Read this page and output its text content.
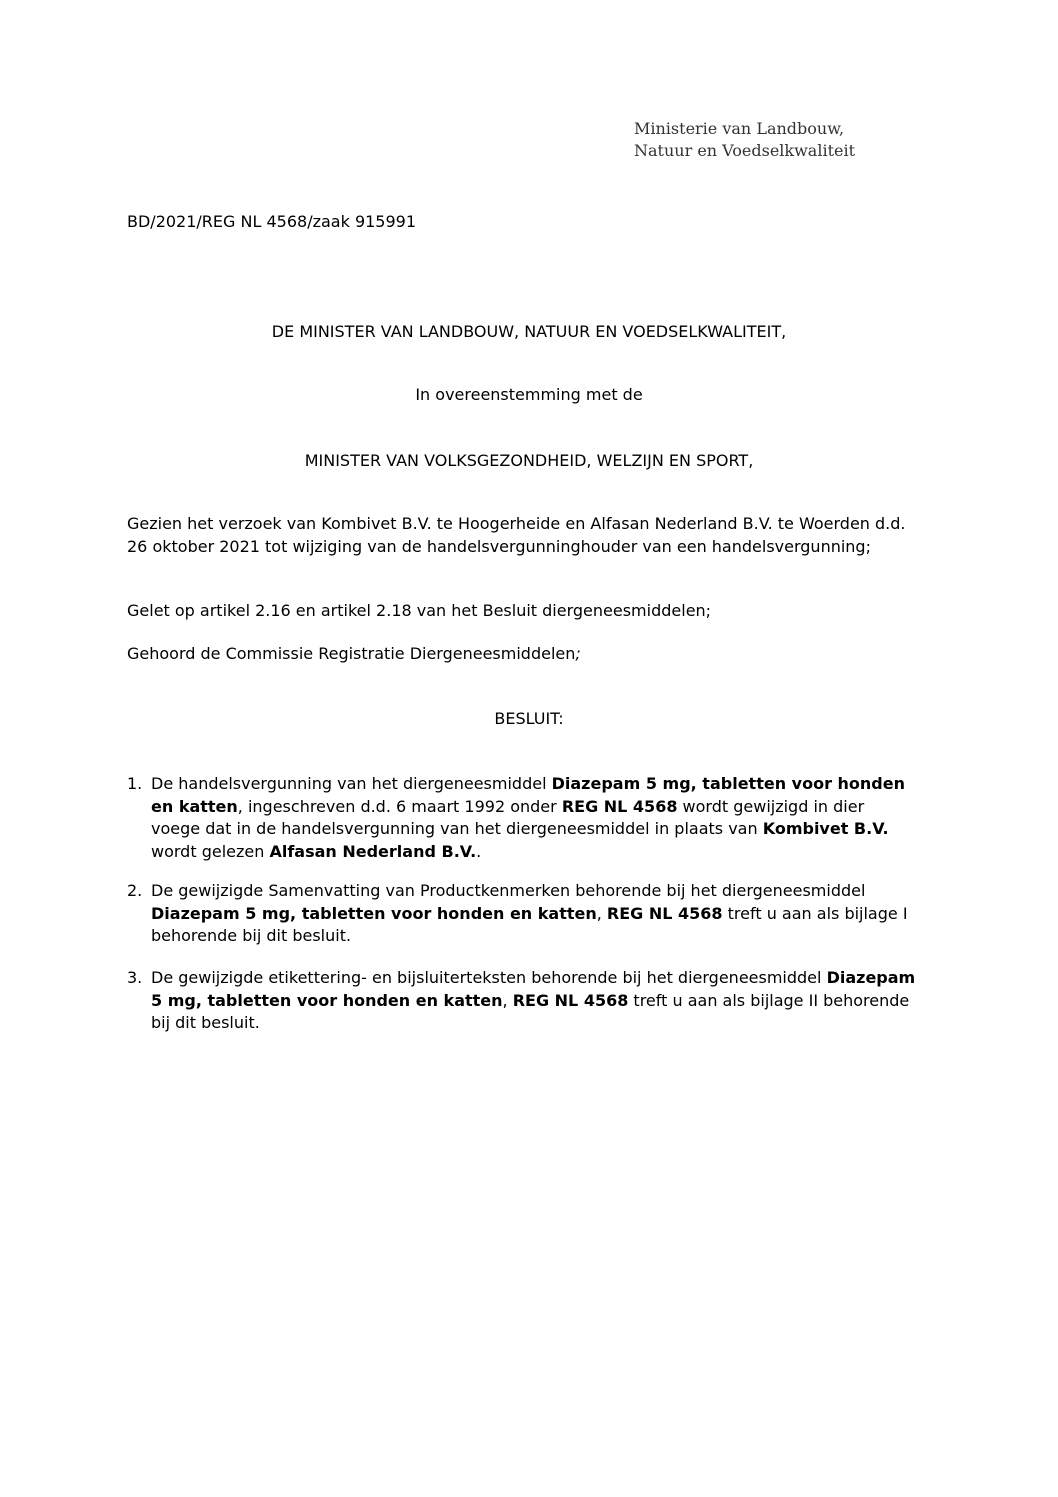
Ministerie van Landbouw,
Natuur en Voedselkwaliteit
BD/2021/REG NL 4568/zaak 915991
DE MINISTER VAN LANDBOUW, NATUUR EN VOEDSELKWALITEIT,
In overeenstemming met de
MINISTER VAN VOLKSGEZONDHEID, WELZIJN EN SPORT,
Gezien het verzoek van Kombivet B.V. te Hoogerheide en Alfasan Nederland B.V. te Woerden d.d. 26 oktober 2021 tot wijziging van de handelsvergunninghouder van een handelsvergunning;
Gelet op artikel 2.16 en artikel 2.18 van het Besluit diergeneesmiddelen;
Gehoord de Commissie Registratie Diergeneesmiddelen;
BESLUIT:
1. De handelsvergunning van het diergeneesmiddel Diazepam 5 mg, tabletten voor honden en katten, ingeschreven d.d. 6 maart 1992 onder REG NL 4568 wordt gewijzigd in dier voege dat in de handelsvergunning van het diergeneesmiddel in plaats van Kombivet B.V. wordt gelezen Alfasan Nederland B.V..
2. De gewijzigde Samenvatting van Productkenmerken behorende bij het diergeneesmiddel Diazepam 5 mg, tabletten voor honden en katten, REG NL 4568 treft u aan als bijlage I behorende bij dit besluit.
3. De gewijzigde etikettering- en bijsluiterteksten behorende bij het diergeneesmiddel Diazepam 5 mg, tabletten voor honden en katten, REG NL 4568 treft u aan als bijlage II behorende bij dit besluit.
